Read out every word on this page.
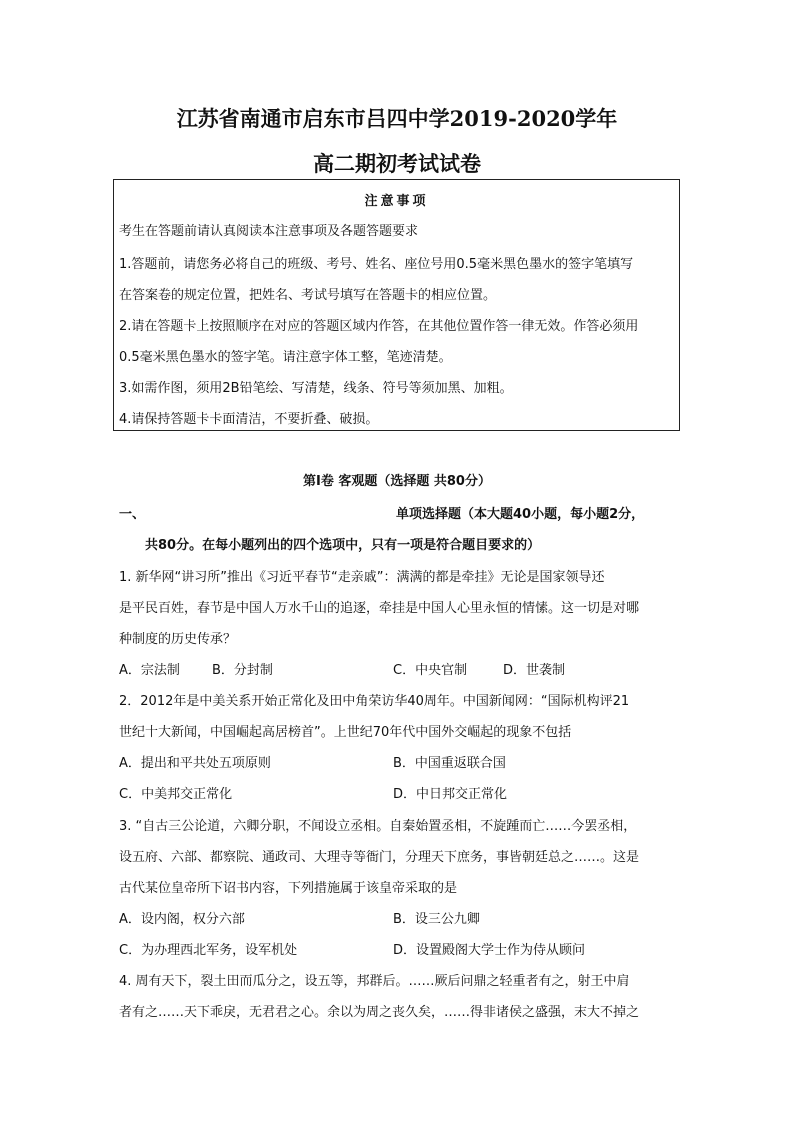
江苏省南通市启东市吕四中学2019-2020学年
高二期初考试试卷
注意事项
考生在答题前请认真阅读本注意事项及各题答题要求
1.答题前，请您务必将自己的班级、考号、姓名、座位号用0.5毫米黑色墨水的签字笔填写
在答案卷的规定位置，把姓名、考试号填写在答题卡的相应位置。
2.请在答题卡上按照顺序在对应的答题区域内作答，在其他位置作答一律无效。作答必须用
0.5毫米黑色墨水的签字笔。请注意字体工整，笔迹清楚。
3.如需作图，须用2B铅笔绘、写清楚，线条、符号等须加黑、加粗。
4.请保持答题卡卡面清洁，不要折叠、破损。
第Ⅰ卷 客观题（选择题 共80分）
一、	单项选择题（本大题40小题，每小题2分，
共80分。在每小题列出的四个选项中，只有一项是符合题目要求的）
1. 新华网“讲习所”推出《习近平春节“走亲戚”：满满的都是牵挂》无论是国家领导还
是平民百姓，春节是中国人万水千山的追逐，牵挂是中国人心里永恒的情愫。这一切是对哪
种制度的历史传承？
A．宗法制 B．分封制	C．中央官制	D．世袭制
2．2012年是中美关系开始正常化及田中角荣访华40周年。中国新闻网：“国际机构评21
世纪十大新闻，中国崛起高居榜首”。上世纪70年代中国外交崛起的现象不包括
A．提出和平共处五项原则	B．中国重返联合国
C．中美邦交正常化	D．中日邦交正常化
3. “自古三公论道，六卿分职，不闻设立丞相。自秦始置丞相，不旋踵而亡……今罢丞相，
设五府、六部、都察院、通政司、大理寺等衙门，分理天下庶务，事皆朝廷总之……。这是
古代某位皇帝所下诏书内容，下列措施属于该皇帝采取的是
A．设内阁，权分六部	B．设三公九卿
C．为办理西北军务，设军机处	D．设置殿阁大学士作为侍从顾问
4. 周有天下，裂土田而瓜分之，设五等，邦群后。……厥后问鼎之轻重者有之，射王中肩
者有之……天下乖戾，无君君之心。余以为周之丧久矣，……得非诸侯之盛强，末大不掉之
